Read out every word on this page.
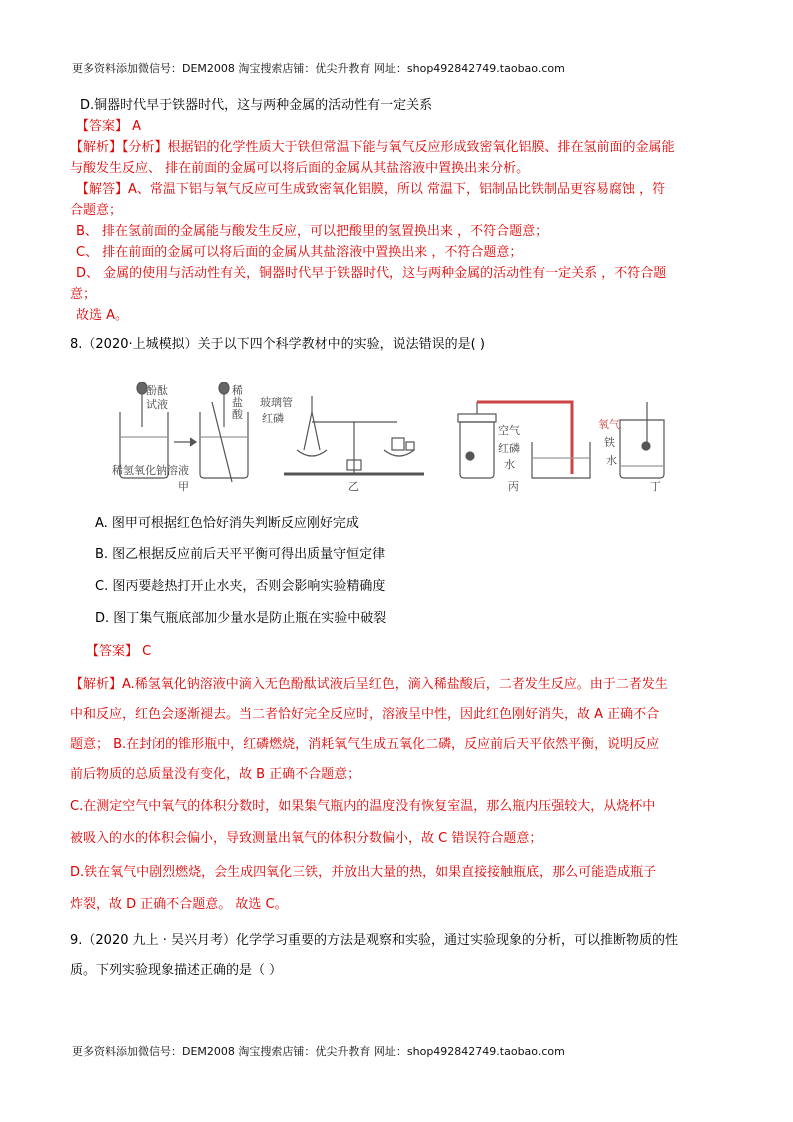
更多资料添加微信号：DEM2008 淘宝搜索店铺：优尖升教育 网址：shop492842749.taobao.com
D.铜器时代早于铁器时代，这与两种金属的活动性有一定关系
【答案】 A
【解析】【分析】根据铝的化学性质大于铁但常温下能与氧气反应形成致密氧化铝膜、排在氢前面的金属能
与酸发生反应、 排在前面的金属可以将后面的金属从其盐溶液中置换出来分析。
【解答】A、常温下铝与氧气反应可生成致密氧化铝膜，所以 常温下，铝制品比铁制品更容易腐蚀 ，符
合题意；
B、 排在氢前面的金属能与酸发生反应，可以把酸里的氢置换出来 ，不符合题意；
C、 排在前面的金属可以将后面的金属从其盐溶液中置换出来 ，不符合题意；
D、 金属的使用与活动性有关，铜器时代早于铁器时代，这与两种金属的活动性有一定关系 ，不符合题
意；
故选 A。
8.（2020·上城模拟）关于以下四个科学教材中的实验，说法错误的是( )
酚酞
试液
稀
盐
酸
稀氢氧化钠溶液
甲
玻璃管
红磷
乙
空气
红磷
水
丙
氧气
铁
水
丁
A. 图甲可根据红色恰好消失判断反应刚好完成
B. 图乙根据反应前后天平平衡可得出质量守恒定律
C. 图丙要趁热打开止水夹，否则会影响实验精确度
D. 图丁集气瓶底部加少量水是防止瓶在实验中破裂
【答案】 C
【解析】A.稀氢氧化钠溶液中滴入无色酚酞试液后呈红色，滴入稀盐酸后，二者发生反应。由于二者发生
中和反应，红色会逐渐褪去。当二者恰好完全反应时，溶液呈中性，因此红色刚好消失，故 A 正确不合
题意； B.在封闭的锥形瓶中，红磷燃烧，消耗氧气生成五氧化二磷，反应前后天平依然平衡，说明反应
前后物质的总质量没有变化，故 B 正确不合题意；
C.在测定空气中氧气的体积分数时，如果集气瓶内的温度没有恢复室温，那么瓶内压强较大，从烧杯中
被吸入的水的体积会偏小，导致测量出氧气的体积分数偏小，故 C 错误符合题意；
D.铁在氧气中剧烈燃烧，会生成四氧化三铁，并放出大量的热，如果直接接触瓶底，那么可能造成瓶子
炸裂，故 D 正确不合题意。 故选 C。
9.（2020 九上 · 吴兴月考）化学学习重要的方法是观察和实验，通过实验现象的分析，可以推断物质的性
质。下列实验现象描述正确的是（ ）
更多资料添加微信号：DEM2008 淘宝搜索店铺：优尖升教育 网址：shop492842749.taobao.com
